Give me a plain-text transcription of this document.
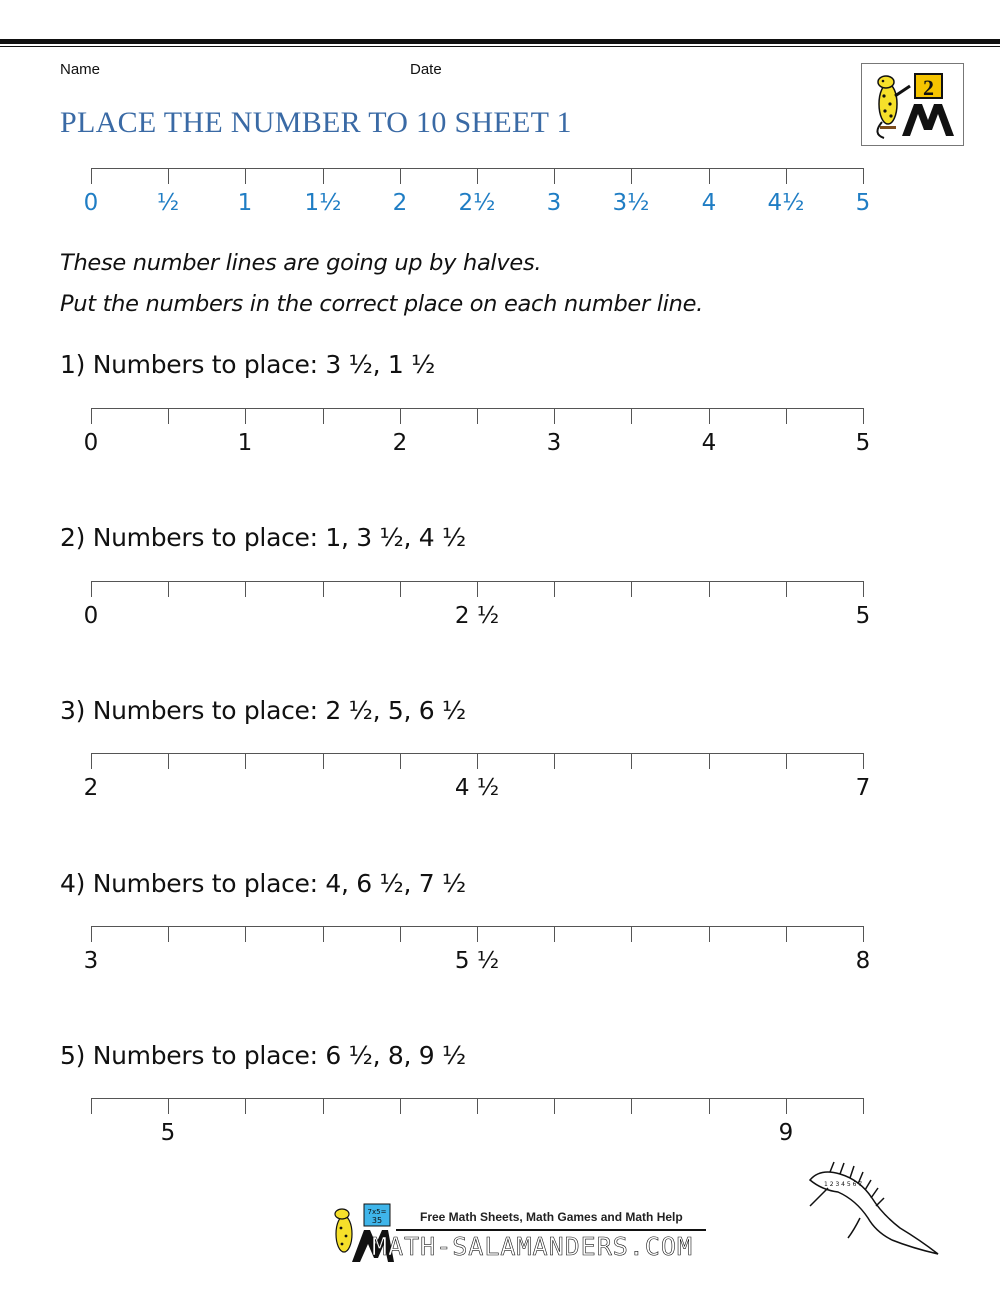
Name	Date
PLACE THE NUMBER TO 10 SHEET 1
2
0	½	1 1½ 2 2½ 3 3½ 4 4½ 5
These number lines are going up by halves.
Put the numbers in the correct place on each number line.
1) Numbers to place: 3 ½, 1 ½
0	1	2	3	4	5
2) Numbers to place: 1, 3 ½, 4 ½
0	2 ½	5
3) Numbers to place: 2 ½, 5, 6 ½
2	4 ½	7
4) Numbers to place: 4, 6 ½, 7 ½
3	5 ½	8
5) Numbers to place: 6 ½, 8, 9 ½
5	9
1 2 3 4 5 6 7
7x5=
35	Free Math Sheets, Math Games and Math Help
MATH-SALAMANDERS.COM
